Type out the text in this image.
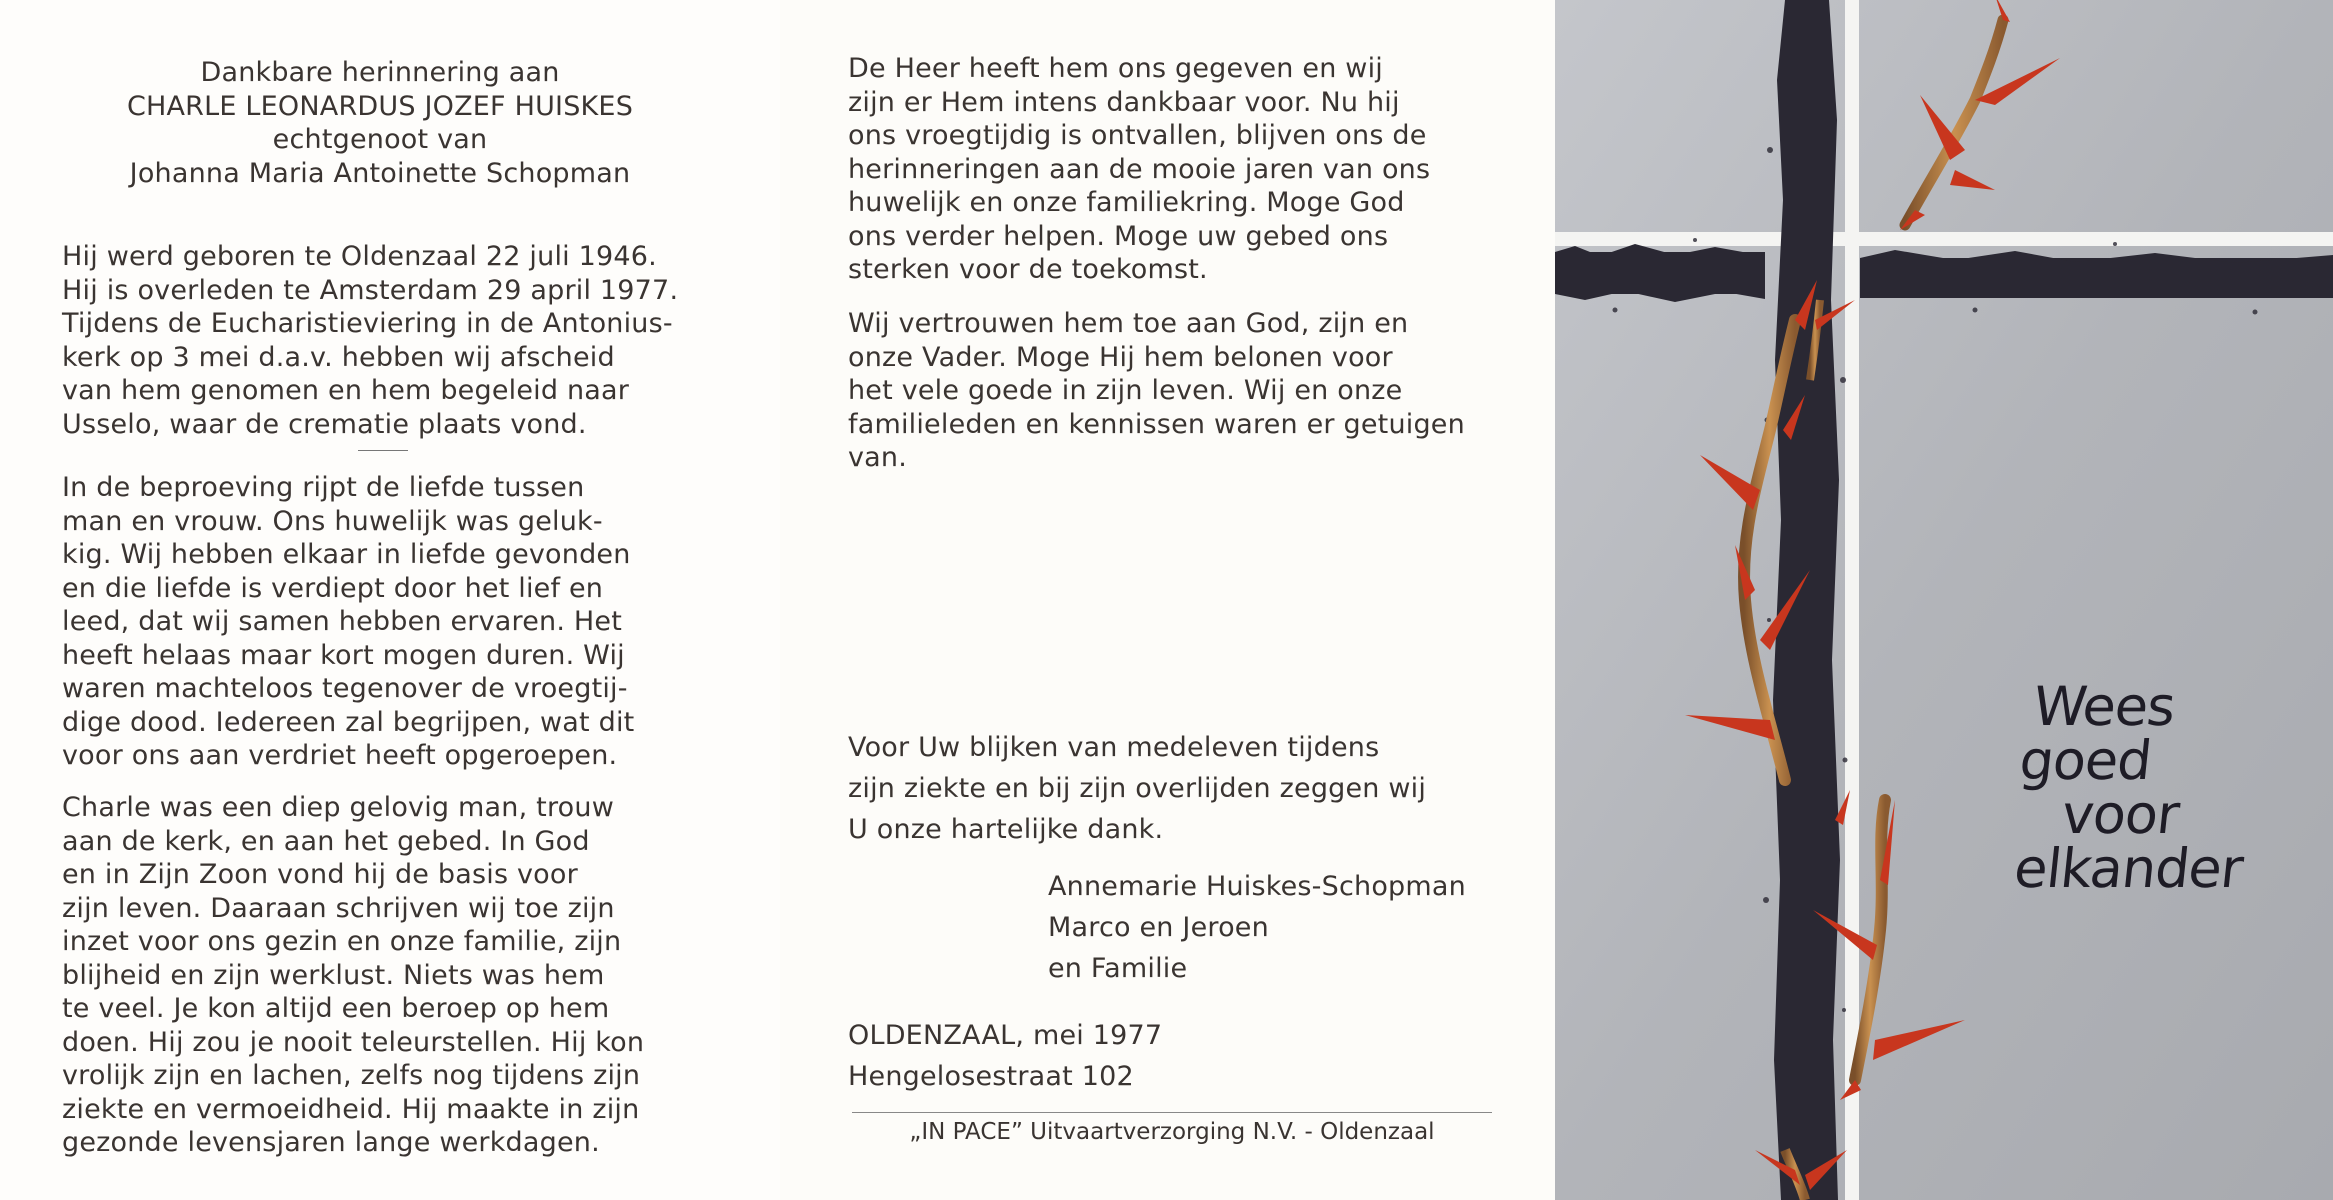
Dankbare herinnering aan
CHARLE LEONARDUS JOZEF HUISKES
echtgenoot van
Johanna Maria Antoinette Schopman
Hij werd geboren te Oldenzaal 22 juli 1946.
Hij is overleden te Amsterdam 29 april 1977.
Tijdens de Eucharistieviering in de Antonius-
kerk op 3 mei d.a.v. hebben wij afscheid
van hem genomen en hem begeleid naar
Usselo, waar de crematie plaats vond.
In de beproeving rijpt de liefde tussen
man en vrouw. Ons huwelijk was geluk-
kig. Wij hebben elkaar in liefde gevonden
en die liefde is verdiept door het lief en
leed, dat wij samen hebben ervaren. Het
heeft helaas maar kort mogen duren. Wij
waren machteloos tegenover de vroegtij-
dige dood. Iedereen zal begrijpen, wat dit
voor ons aan verdriet heeft opgeroepen.
Charle was een diep gelovig man, trouw
aan de kerk, en aan het gebed. In God
en in Zijn Zoon vond hij de basis voor
zijn leven. Daaraan schrijven wij toe zijn
inzet voor ons gezin en onze familie, zijn
blijheid en zijn werklust. Niets was hem
te veel. Je kon altijd een beroep op hem
doen. Hij zou je nooit teleurstellen. Hij kon
vrolijk zijn en lachen, zelfs nog tijdens zijn
ziekte en vermoeidheid. Hij maakte in zijn
gezonde levensjaren lange werkdagen.
De Heer heeft hem ons gegeven en wij
zijn er Hem intens dankbaar voor. Nu hij
ons vroegtijdig is ontvallen, blijven ons de
herinneringen aan de mooie jaren van ons
huwelijk en onze familiekring. Moge God
ons verder helpen. Moge uw gebed ons
sterken voor de toekomst.
Wij vertrouwen hem toe aan God, zijn en
onze Vader. Moge Hij hem belonen voor
het vele goede in zijn leven. Wij en onze
familieleden en kennissen waren er getuigen
van.
Voor Uw blijken van medeleven tijdens
zijn ziekte en bij zijn overlijden zeggen wij
U onze hartelijke dank.
Annemarie Huiskes-Schopman
Marco en Jeroen
en Familie
OLDENZAAL, mei 1977
Hengelosestraat 102
„IN PACE” Uitvaartverzorging N.V. - Oldenzaal
Wees
goed
voor
elkander
